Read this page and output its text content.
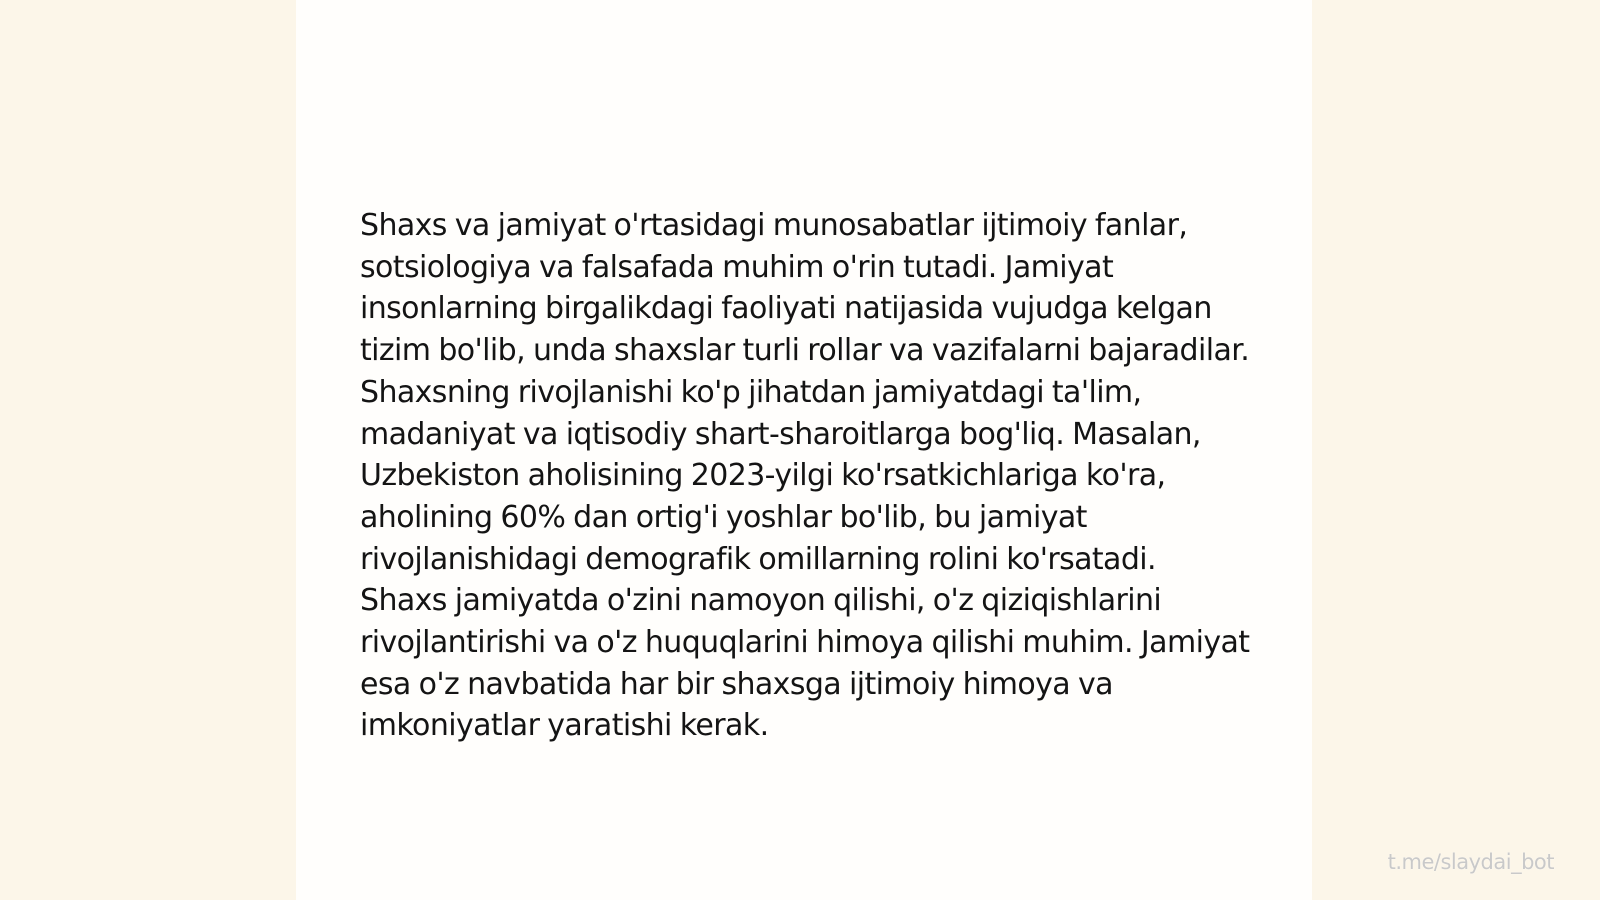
Shaxs va jamiyat o'rtasidagi munosabatlar ijtimoiy fanlar, sotsiologiya va falsafada muhim o'rin tutadi. Jamiyat insonlarning birgalikdagi faoliyati natijasida vujudga kelgan tizim bo'lib, unda shaxslar turli rollar va vazifalarni bajaradilar. Shaxsning rivojlanishi ko'p jihatdan jamiyatdagi ta'lim, madaniyat va iqtisodiy shart-sharoitlarga bog'liq. Masalan, Uzbekiston aholisining 2023-yilgi ko'rsatkichlariga ko'ra, aholining 60% dan ortig'i yoshlar bo'lib, bu jamiyat rivojlanishidagi demografik omillarning rolini ko'rsatadi. Shaxs jamiyatda o'zini namoyon qilishi, o'z qiziqishlarini rivojlantirishi va o'z huquqlarini himoya qilishi muhim. Jamiyat esa o'z navbatida har bir shaxsga ijtimoiy himoya va imkoniyatlar yaratishi kerak.

t.me/slaydai_bot
